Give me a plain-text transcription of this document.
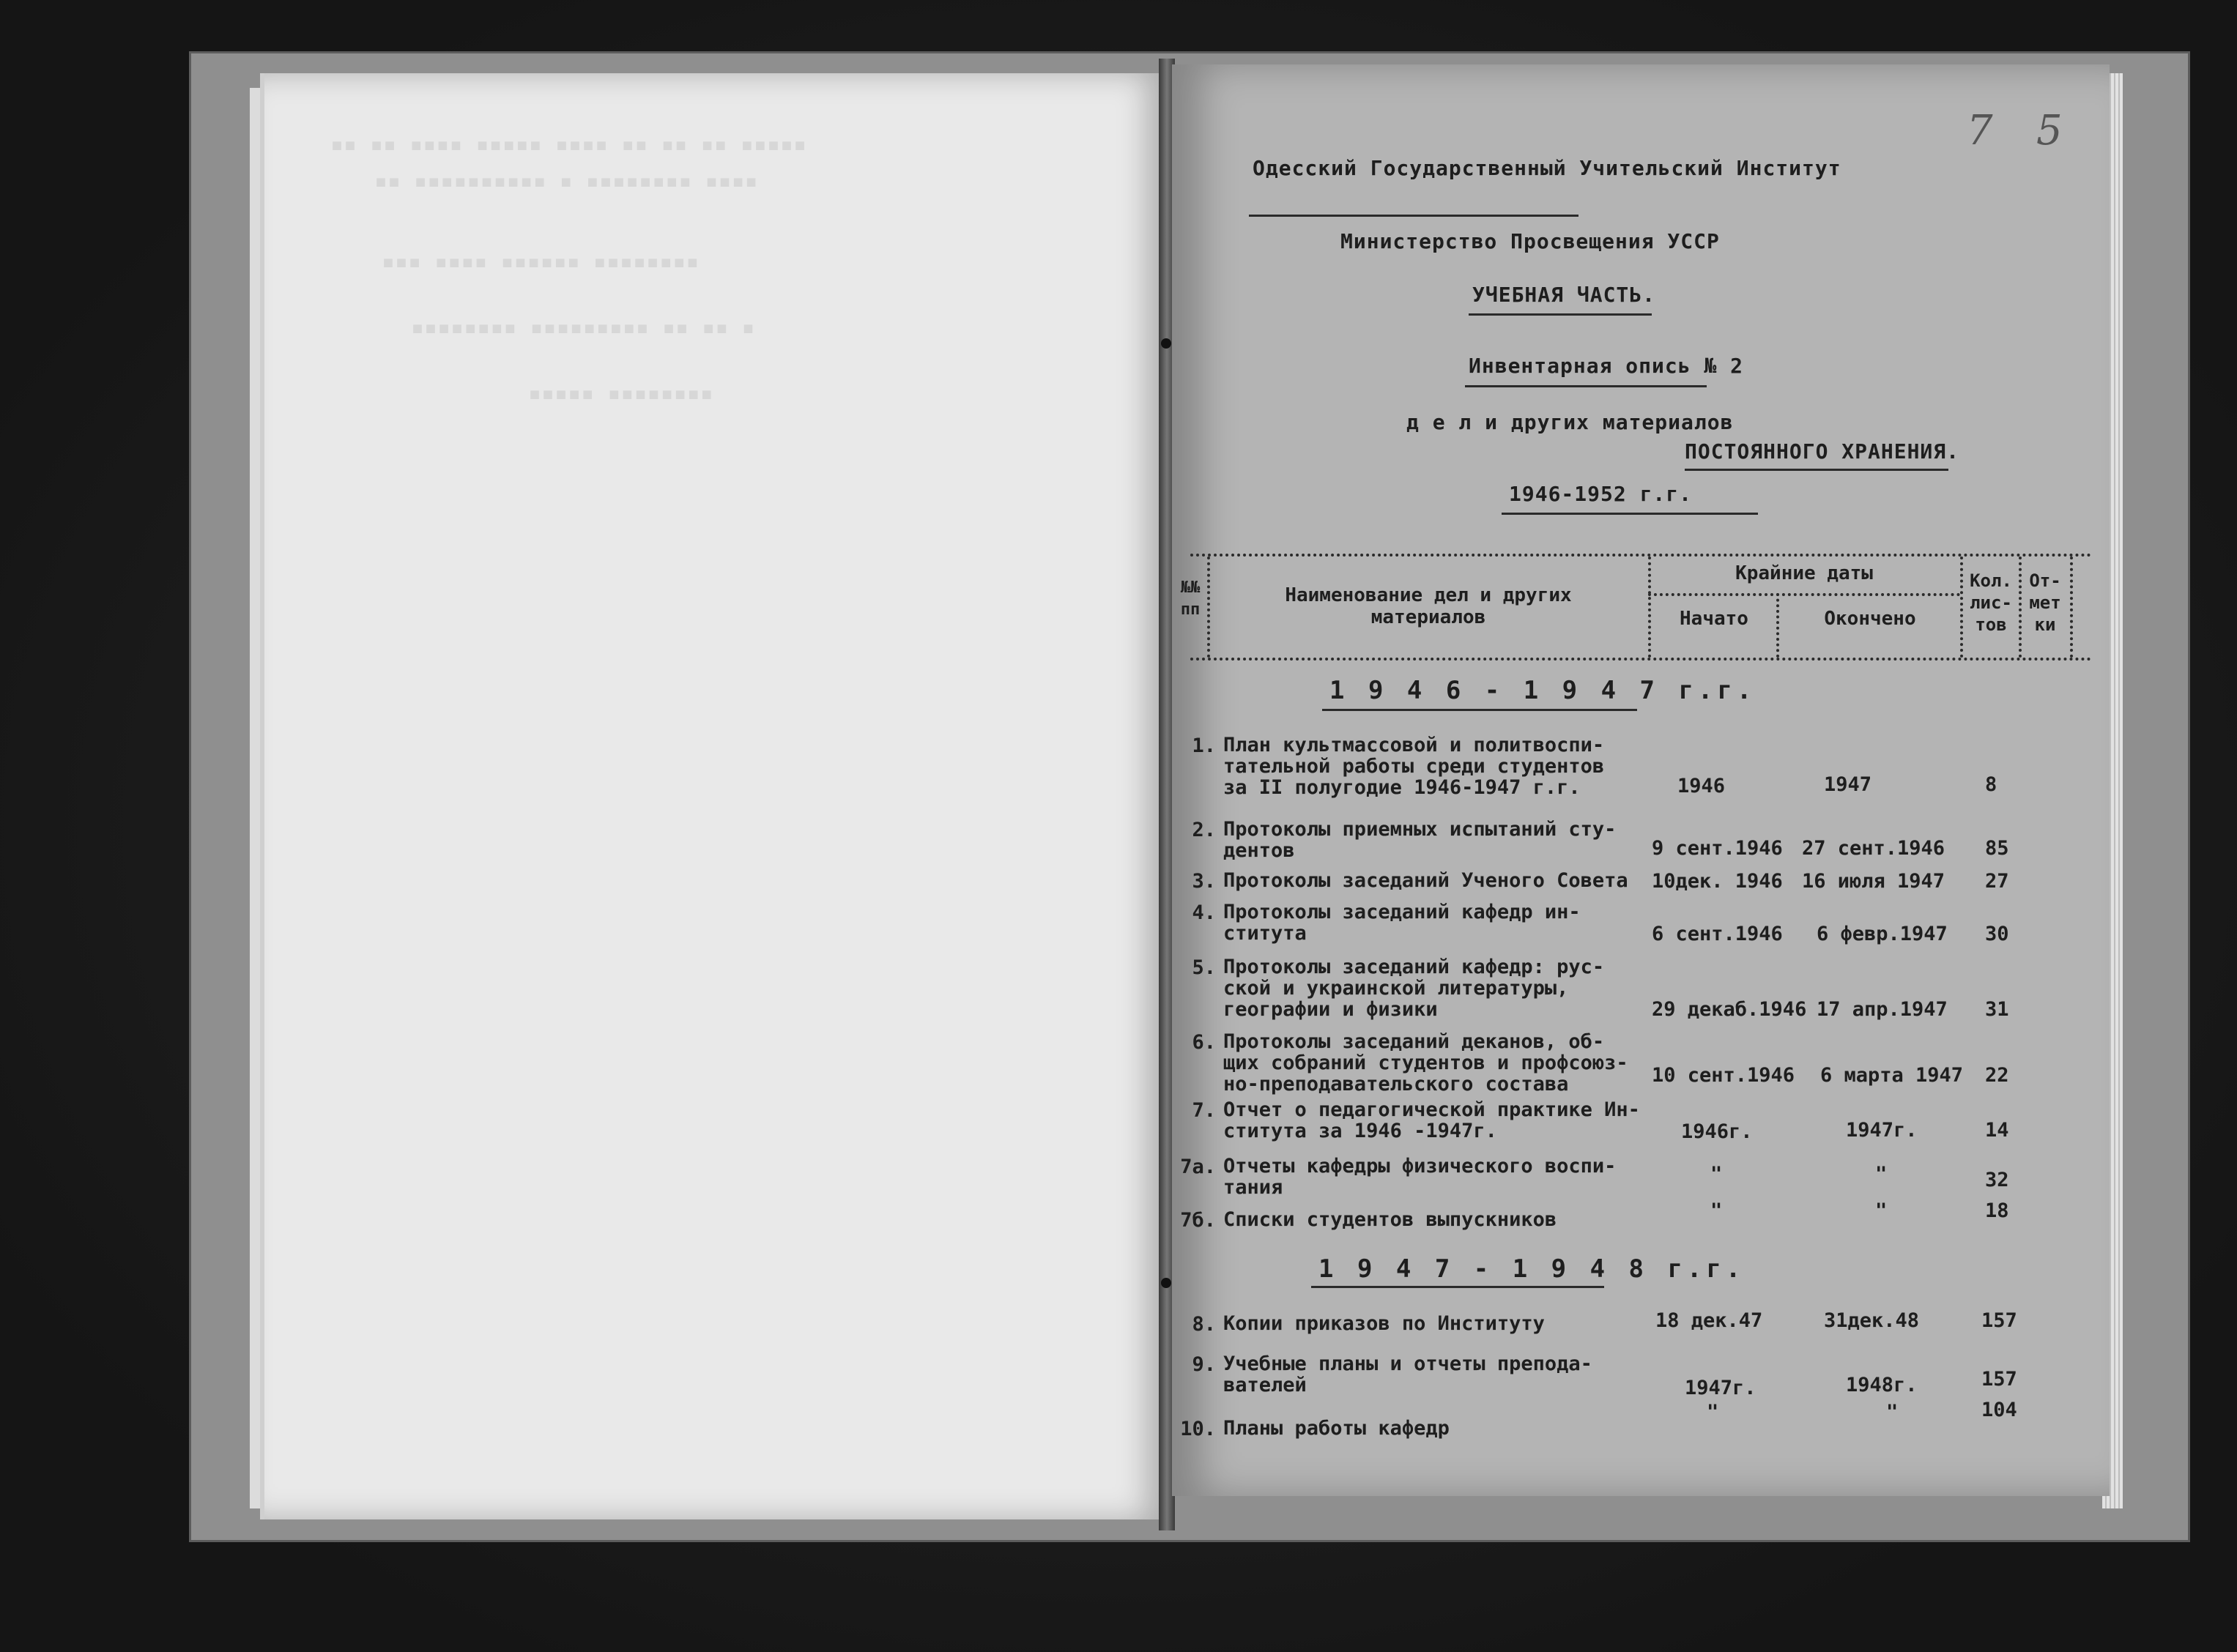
▪▪▪▪▪ ▪▪ ▪▪ ▪▪ ▪▪▪▪ ▪▪▪▪▪ ▪▪▪▪ ▪▪ ▪▪
▪▪▪▪ ▪▪▪▪▪▪▪▪ ▪ ▪▪▪▪▪▪▪▪▪▪ ▪▪
▪▪▪▪▪▪▪▪ ▪▪▪▪▪▪ ▪▪▪▪ ▪▪▪
▪ ▪▪ ▪▪ ▪▪▪▪▪▪▪▪▪ ▪▪▪▪▪▪▪▪
▪▪▪▪▪▪▪▪ ▪▪▪▪▪
7 5
Одесский Государственный Учительский Институт
Министерство Просвещения УССР
УЧЕБНАЯ ЧАСТЬ.
Инвентарная опись № 2
д е л и других материалов
ПОСТОЯННОГО ХРАНЕНИЯ.
1946-1952 г.г.
№№
пп
Наименование дел и других
материалов
Крайние даты
Начато	Окончено
Кол.
лис-
тов
От-
мет
ки
1 9 4 6 - 1 9 4 7 г.г.
1. План культмассовой и политвоспи-
тательной работы среди студентов
за II полугодие 1946-1947 г.г.	1946	1947	8
2. Протоколы приемных испытаний сту-
дентов	9 сент.1946 27 сент.1946 85
3. Протоколы заседаний Ученого Совета	10дек. 1946 16 июля 1947 27
4. Протоколы заседаний кафедр ин-
ститута	6 сент.1946 6 февр.1947 30
5. Протоколы заседаний кафедр: рус-
ской и украинской литературы,
географии и физики	29 декаб.1946 17 апр.1947 31
6. Протоколы заседаний деканов, об-
щих собраний студентов и профсоюз-
но-преподавательского состава	10 сент.1946 6 марта 1947 22
7. Отчет о педагогической практике Ин-
ститута за 1946 -1947г.	1946г.	1947г.	14
7а. Отчеты кафедры физического воспи-
тания
"	"	32
7б. Списки студентов выпускников	"	"	18
1 9 4 7 - 1 9 4 8 г.г.
8. Копии приказов по Институту	18 дек.47	31дек.48	157
9. Учебные планы и отчеты препода-
вателей	1947г.	1948г.	157
10. Планы работы кафедр
"	"	104
